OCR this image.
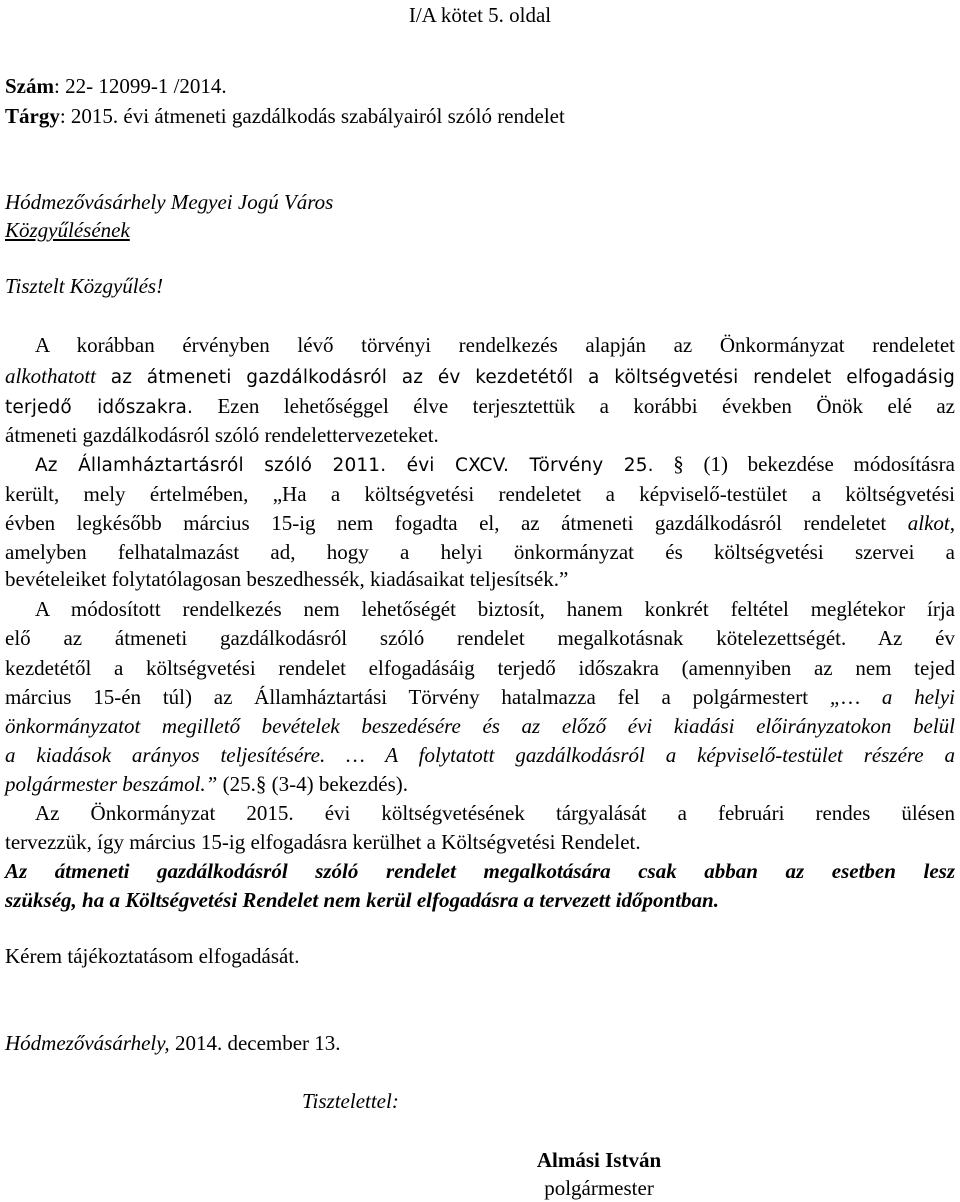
I/A kötet 5. oldal
Szám: 22- 12099-1 /2014.
Tárgy: 2015. évi átmeneti gazdálkodás szabályairól szóló rendelet
Hódmezővásárhely Megyei Jogú Város
Közgyűlésének
Tisztelt Közgyűlés!
A korábban érvényben lévő törvényi rendelkezés alapján az Önkormányzat rendeletet
alkothatott az átmeneti gazdálkodásról az év kezdetétől a költségvetési rendelet elfogadásig
terjedő időszakra. Ezen lehetőséggel élve terjesztettük a korábbi években Önök elé az
átmeneti gazdálkodásról szóló rendelettervezeteket.
Az Államháztartásról szóló 2011. évi CXCV. Törvény 25. § (1) bekezdése módosításra
került, mely értelmében, „Ha a költségvetési rendeletet a képviselő-testület a költségvetési
évben legkésőbb március 15-ig nem fogadta el, az átmeneti gazdálkodásról rendeletet alkot,
amelyben felhatalmazást ad, hogy a helyi önkormányzat és költségvetési szervei a
bevételeiket folytatólagosan beszedhessék, kiadásaikat teljesítsék.”
A módosított rendelkezés nem lehetőségét biztosít, hanem konkrét feltétel meglétekor írja
elő az átmeneti gazdálkodásról szóló rendelet megalkotásnak kötelezettségét. Az év
kezdetétől a költségvetési rendelet elfogadásáig terjedő időszakra (amennyiben az nem tejed
március 15-én túl) az Államháztartási Törvény hatalmazza fel a polgármestert „… a helyi
önkormányzatot megillető bevételek beszedésére és az előző évi kiadási előirányzatokon belül
a kiadások arányos teljesítésére. … A folytatott gazdálkodásról a képviselő-testület részére a
polgármester beszámol.” (25.§ (3-4) bekezdés).
Az Önkormányzat 2015. évi költségvetésének tárgyalását a februári rendes ülésen
tervezzük, így március 15-ig elfogadásra kerülhet a Költségvetési Rendelet.
Az átmeneti gazdálkodásról szóló rendelet megalkotására csak abban az esetben lesz
szükség, ha a Költségvetési Rendelet nem kerül elfogadásra a tervezett időpontban.
Kérem tájékoztatásom elfogadását.
Hódmezővásárhely, 2014. december 13.
Tisztelettel:
Almási István
polgármester
